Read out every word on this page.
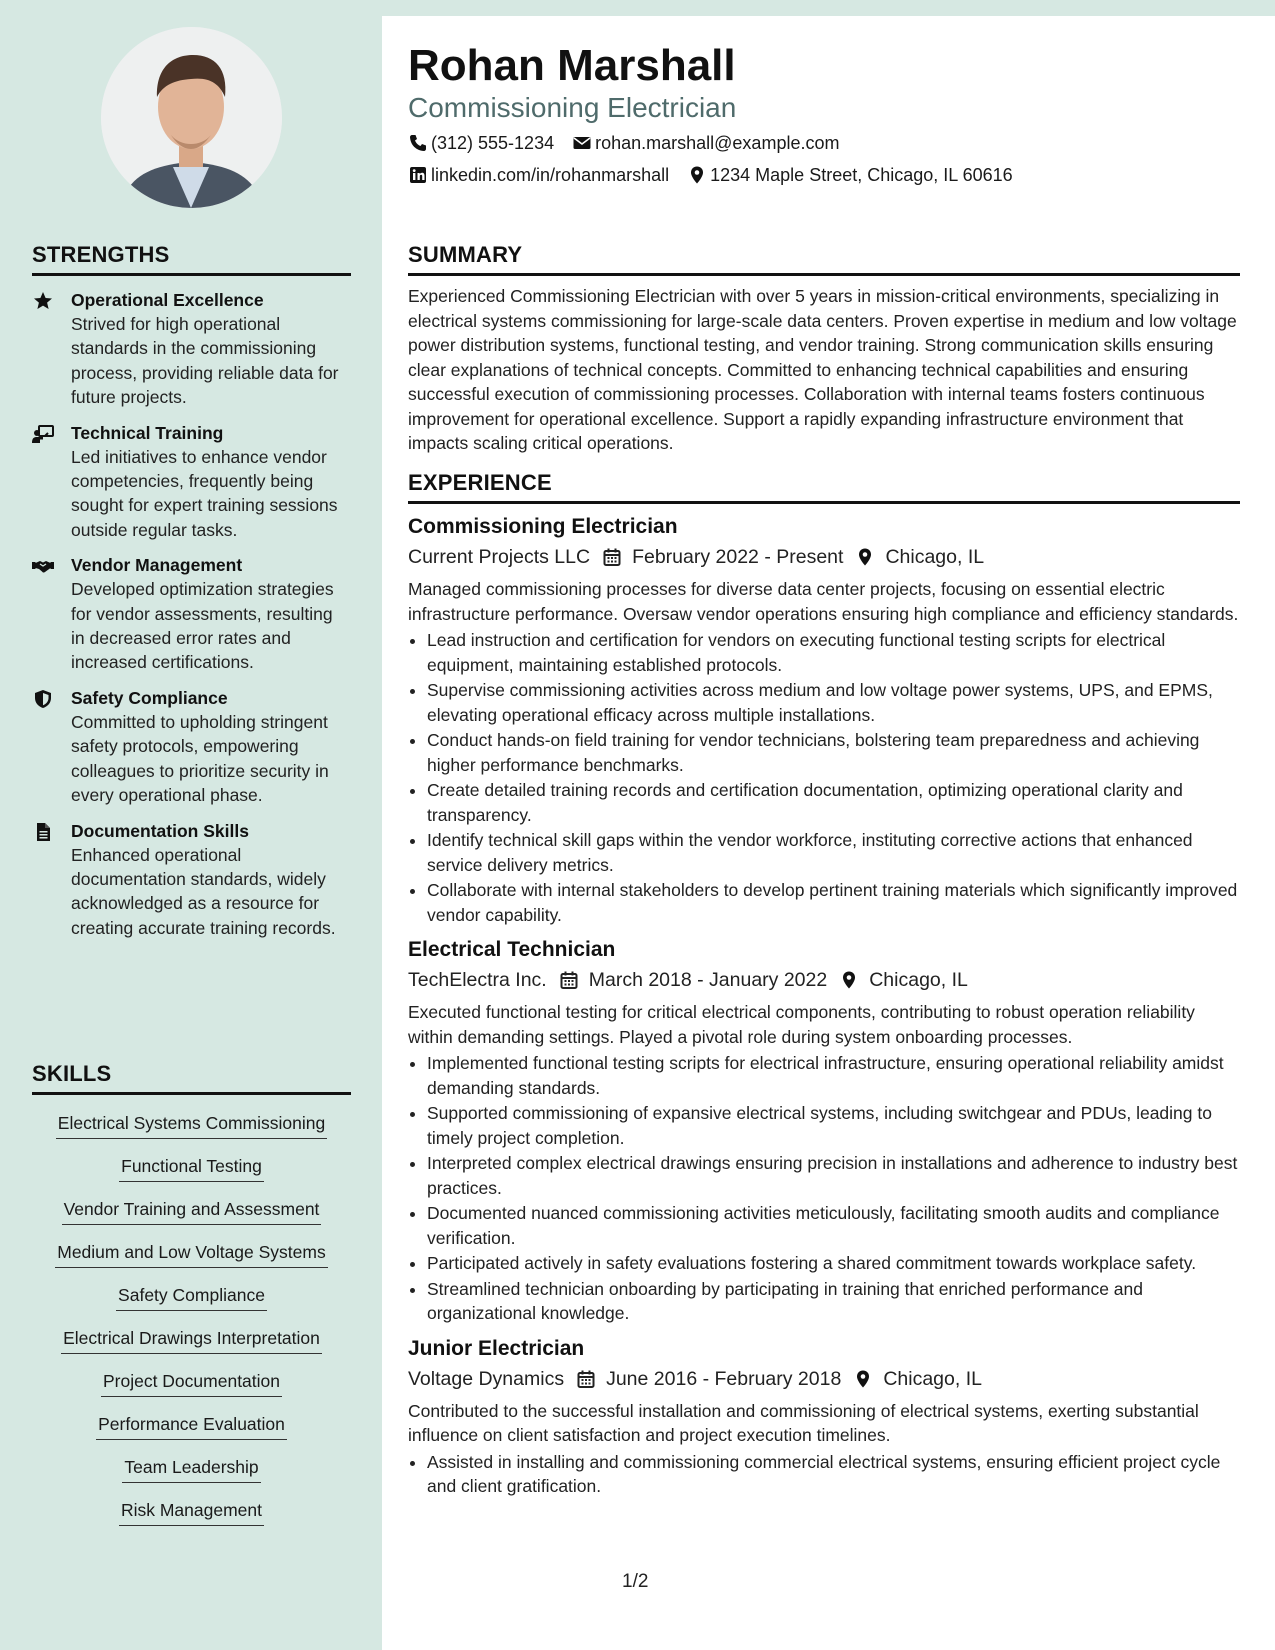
Rohan Marshall
Commissioning Electrician
(312) 555-1234 rohan.marshall@example.com
linkedin.com/in/rohanmarshall 1234 Maple Street, Chicago, IL 60616
STRENGTHS
Operational Excellence
Strived for high operational standards in the commissioning process, providing reliable data for future projects.
Technical Training
Led initiatives to enhance vendor competencies, frequently being sought for expert training sessions outside regular tasks.
Vendor Management
Developed optimization strategies for vendor assessments, resulting in decreased error rates and increased certifications.
Safety Compliance
Committed to upholding stringent safety protocols, empowering colleagues to prioritize security in every operational phase.
Documentation Skills
Enhanced operational documentation standards, widely acknowledged as a resource for creating accurate training records.
SKILLS
Electrical Systems Commissioning
Functional Testing
Vendor Training and Assessment
Medium and Low Voltage Systems
Safety Compliance
Electrical Drawings Interpretation
Project Documentation
Performance Evaluation
Team Leadership
Risk Management
SUMMARY
Experienced Commissioning Electrician with over 5 years in mission-critical environments, specializing in electrical systems commissioning for large-scale data centers. Proven expertise in medium and low voltage power distribution systems, functional testing, and vendor training. Strong communication skills ensuring clear explanations of technical concepts. Committed to enhancing technical capabilities and ensuring successful execution of commissioning processes. Collaboration with internal teams fosters continuous improvement for operational excellence. Support a rapidly expanding infrastructure environment that impacts scaling critical operations.
EXPERIENCE
Commissioning Electrician
Current Projects LLC February 2022 - Present Chicago, IL
Managed commissioning processes for diverse data center projects, focusing on essential electric infrastructure performance. Oversaw vendor operations ensuring high compliance and efficiency standards.
• Lead instruction and certification for vendors on executing functional testing scripts for electrical equipment, maintaining established protocols.
• Supervise commissioning activities across medium and low voltage power systems, UPS, and EPMS, elevating operational efficacy across multiple installations.
• Conduct hands-on field training for vendor technicians, bolstering team preparedness and achieving higher performance benchmarks.
• Create detailed training records and certification documentation, optimizing operational clarity and transparency.
• Identify technical skill gaps within the vendor workforce, instituting corrective actions that enhanced service delivery metrics.
• Collaborate with internal stakeholders to develop pertinent training materials which significantly improved vendor capability.
Electrical Technician
TechElectra Inc. March 2018 - January 2022 Chicago, IL
Executed functional testing for critical electrical components, contributing to robust operation reliability within demanding settings. Played a pivotal role during system onboarding processes.
• Implemented functional testing scripts for electrical infrastructure, ensuring operational reliability amidst demanding standards.
• Supported commissioning of expansive electrical systems, including switchgear and PDUs, leading to timely project completion.
• Interpreted complex electrical drawings ensuring precision in installations and adherence to industry best practices.
• Documented nuanced commissioning activities meticulously, facilitating smooth audits and compliance verification.
• Participated actively in safety evaluations fostering a shared commitment towards workplace safety.
• Streamlined technician onboarding by participating in training that enriched performance and organizational knowledge.
Junior Electrician
Voltage Dynamics June 2016 - February 2018 Chicago, IL
Contributed to the successful installation and commissioning of electrical systems, exerting substantial influence on client satisfaction and project execution timelines.
• Assisted in installing and commissioning commercial electrical systems, ensuring efficient project cycle and client gratification.
1/2
